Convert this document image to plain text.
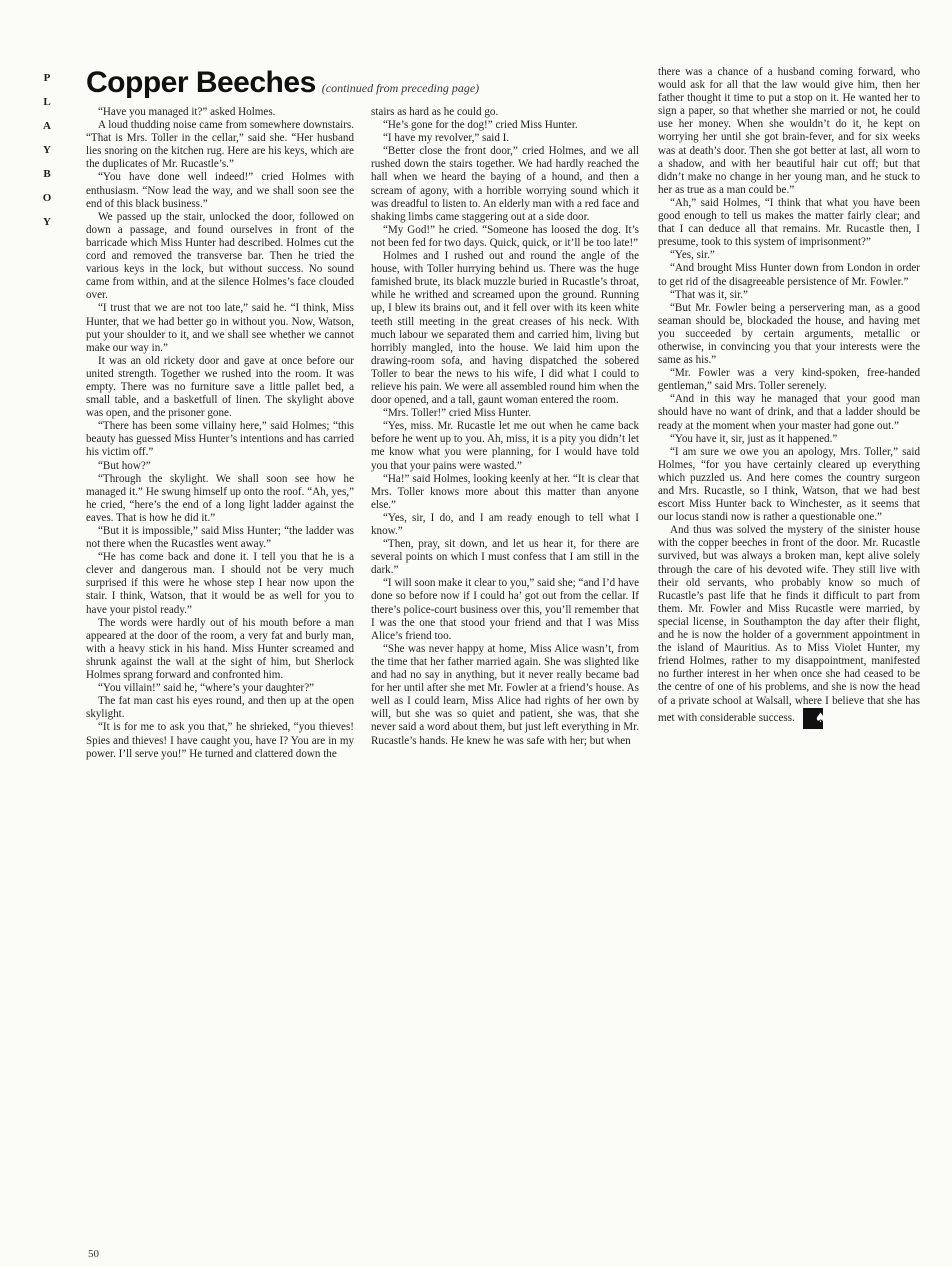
P
L
A
Y
B
O
Y
Copper Beeches (continued from preceding page)

“Have you managed it?” asked Holmes.

A loud thudding noise came from somewhere downstairs. “That is Mrs. Toller in the cellar,” said she. “Her husband lies snoring on the kitchen rug. Here are his keys, which are the duplicates of Mr. Rucastle’s.”

“You have done well indeed!” cried Holmes with enthusiasm. “Now lead the way, and we shall soon see the end of this black business.”

We passed up the stair, unlocked the door, followed on down a passage, and found ourselves in front of the barricade which Miss Hunter had described. Holmes cut the cord and removed the transverse bar. Then he tried the various keys in the lock, but without success. No sound came from within, and at the silence Holmes’s face clouded over.

“I trust that we are not too late,” said he. “I think, Miss Hunter, that we had better go in without you. Now, Watson, put your shoulder to it, and we shall see whether we cannot make our way in.”

It was an old rickety door and gave at once before our united strength. Together we rushed into the room. It was empty. There was no furniture save a little pallet bed, a small table, and a basketfull of linen. The skylight above was open, and the prisoner gone.

“There has been some villainy here,” said Holmes; “this beauty has guessed Miss Hunter’s intentions and has carried his victim off.”

“But how?”

“Through the skylight. We shall soon see how he managed it.” He swung himself up onto the roof. “Ah, yes,” he cried, “here’s the end of a long light ladder against the eaves. That is how he did it.”

“But it is impossible,” said Miss Hunter; “the ladder was not there when the Rucastles went away.”

“He has come back and done it. I tell you that he is a clever and dangerous man. I should not be very much surprised if this were he whose step I hear now upon the stair. I think, Watson, that it would be as well for you to have your pistol ready.”

The words were hardly out of his mouth before a man appeared at the door of the room, a very fat and burly man, with a heavy stick in his hand. Miss Hunter screamed and shrunk against the wall at the sight of him, but Sherlock Holmes sprang forward and confronted him.

“You villain!” said he, “where’s your daughter?”

The fat man cast his eyes round, and then up at the open skylight.

“It is for me to ask you that,” he shrieked, “you thieves! Spies and thieves! I have caught you, have I? You are in my power. I’ll serve you!” He turned and clattered down the

stairs as hard as he could go.

“He’s gone for the dog!” cried Miss Hunter.

“I have my revolver,” said I.

“Better close the front door,” cried Holmes, and we all rushed down the stairs together. We had hardly reached the hall when we heard the baying of a hound, and then a scream of agony, with a horrible worrying sound which it was dreadful to listen to. An elderly man with a red face and shaking limbs came staggering out at a side door.

“My God!” he cried. “Someone has loosed the dog. It’s not been fed for two days. Quick, quick, or it’ll be too late!”

Holmes and I rushed out and round the angle of the house, with Toller hurrying behind us. There was the huge famished brute, its black muzzle buried in Rucastle’s throat, while he writhed and screamed upon the ground. Running up, I blew its brains out, and it fell over with its keen white teeth still meeting in the great creases of his neck. With much labour we separated them and carried him, living but horribly mangled, into the house. We laid him upon the drawing-room sofa, and having dispatched the sobered Toller to bear the news to his wife, I did what I could to relieve his pain. We were all assembled round him when the door opened, and a tall, gaunt woman entered the room.

“Mrs. Toller!” cried Miss Hunter.

“Yes, miss. Mr. Rucastle let me out when he came back before he went up to you. Ah, miss, it is a pity you didn’t let me know what you were planning, for I would have told you that your pains were wasted.”

“Ha!” said Holmes, looking keenly at her. “It is clear that Mrs. Toller knows more about this matter than anyone else.”

“Yes, sir, I do, and I am ready enough to tell what I know.”

“Then, pray, sit down, and let us hear it, for there are several points on which I must confess that I am still in the dark.”

“I will soon make it clear to you,” said she; “and I’d have done so before now if I could ha’ got out from the cellar. If there’s police-court business over this, you’ll remember that I was the one that stood your friend and that I was Miss Alice’s friend too.

“She was never happy at home, Miss Alice wasn’t, from the time that her father married again. She was slighted like and had no say in anything, but it never really became bad for her until after she met Mr. Fowler at a friend’s house. As well as I could learn, Miss Alice had rights of her own by will, but she was so quiet and patient, she was, that she never said a word about them, but just left everything in Mr. Rucastle’s hands. He knew he was safe with her; but when

there was a chance of a husband coming forward, who would ask for all that the law would give him, then her father thought it time to put a stop on it. He wanted her to sign a paper, so that whether she married or not, he could use her money. When she wouldn’t do it, he kept on worrying her until she got brain-fever, and for six weeks was at death’s door. Then she got better at last, all worn to a shadow, and with her beautiful hair cut off; but that didn’t make no change in her young man, and he stuck to her as true as a man could be.”

“Ah,” said Holmes, “I think that what you have been good enough to tell us makes the matter fairly clear; and that I can deduce all that remains. Mr. Rucastle then, I presume, took to this system of imprisonment?”

“Yes, sir.”

“And brought Miss Hunter down from London in order to get rid of the disagreeable persistence of Mr. Fowler.”

“That was it, sir.”

“But Mr. Fowler being a perservering man, as a good seaman should be, blockaded the house, and having met you succeeded by certain arguments, metallic or otherwise, in convincing you that your interests were the same as his.”

“Mr. Fowler was a very kind-spoken, free-handed gentleman,” said Mrs. Toller serenely.

“And in this way he managed that your good man should have no want of drink, and that a ladder should be ready at the moment when your master had gone out.”

“You have it, sir, just as it happened.”

“I am sure we owe you an apology, Mrs. Toller,” said Holmes, “for you have certainly cleared up everything which puzzled us. And here comes the country surgeon and Mrs. Rucastle, so I think, Watson, that we had best escort Miss Hunter back to Winchester, as it seems that our locus standi now is rather a questionable one.”

And thus was solved the mystery of the sinister house with the copper beeches in front of the door. Mr. Rucastle survived, but was always a broken man, kept alive solely through the care of his devoted wife. They still live with their old servants, who probably know so much of Rucastle’s past life that he finds it difficult to part from them. Mr. Fowler and Miss Rucastle were married, by special license, in Southampton the day after their flight, and he is now the holder of a government appointment in the island of Mauritius. As to Miss Violet Hunter, my friend Holmes, rather to my disappointment, manifested no further interest in her when once she had ceased to be the centre of one of his problems, and she is now the head of a private school at Walsall, where I believe that she has met with considerable success. ♠

50
